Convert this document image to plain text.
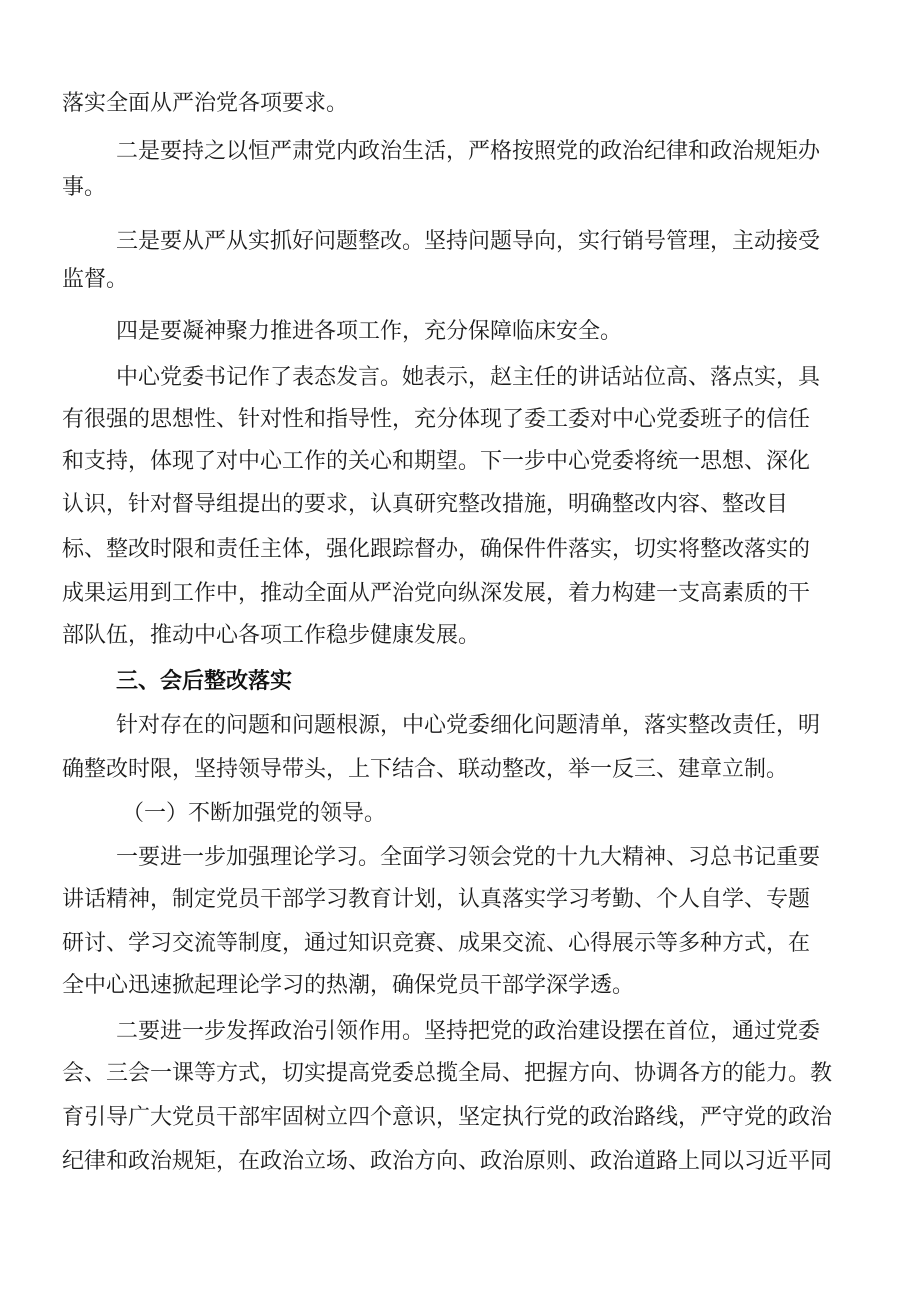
落实全面从严治党各项要求。
二是要持之以恒严肃党内政治生活，严格按照党的政治纪律和政治规矩办
事。
三是要从严从实抓好问题整改。坚持问题导向，实行销号管理，主动接受
监督。
四是要凝神聚力推进各项工作，充分保障临床安全。
中心党委书记作了表态发言。她表示，赵主任的讲话站位高、落点实，具
有很强的思想性、针对性和指导性，充分体现了委工委对中心党委班子的信任
和支持，体现了对中心工作的关心和期望。下一步中心党委将统一思想、深化
认识，针对督导组提出的要求，认真研究整改措施，明确整改内容、整改目
标、整改时限和责任主体，强化跟踪督办，确保件件落实，切实将整改落实的
成果运用到工作中，推动全面从严治党向纵深发展，着力构建一支高素质的干
部队伍，推动中心各项工作稳步健康发展。
三、会后整改落实
针对存在的问题和问题根源，中心党委细化问题清单，落实整改责任，明
确整改时限，坚持领导带头，上下结合、联动整改，举一反三、建章立制。
（一）不断加强党的领导。
一要进一步加强理论学习。全面学习领会党的十九大精神、习总书记重要
讲话精神，制定党员干部学习教育计划，认真落实学习考勤、个人自学、专题
研讨、学习交流等制度，通过知识竞赛、成果交流、心得展示等多种方式，在
全中心迅速掀起理论学习的热潮，确保党员干部学深学透。
二要进一步发挥政治引领作用。坚持把党的政治建设摆在首位，通过党委
会、三会一课等方式，切实提高党委总揽全局、把握方向、协调各方的能力。教
育引导广大党员干部牢固树立四个意识，坚定执行党的政治路线，严守党的政治
纪律和政治规矩，在政治立场、政治方向、政治原则、政治道路上同以习近平同
